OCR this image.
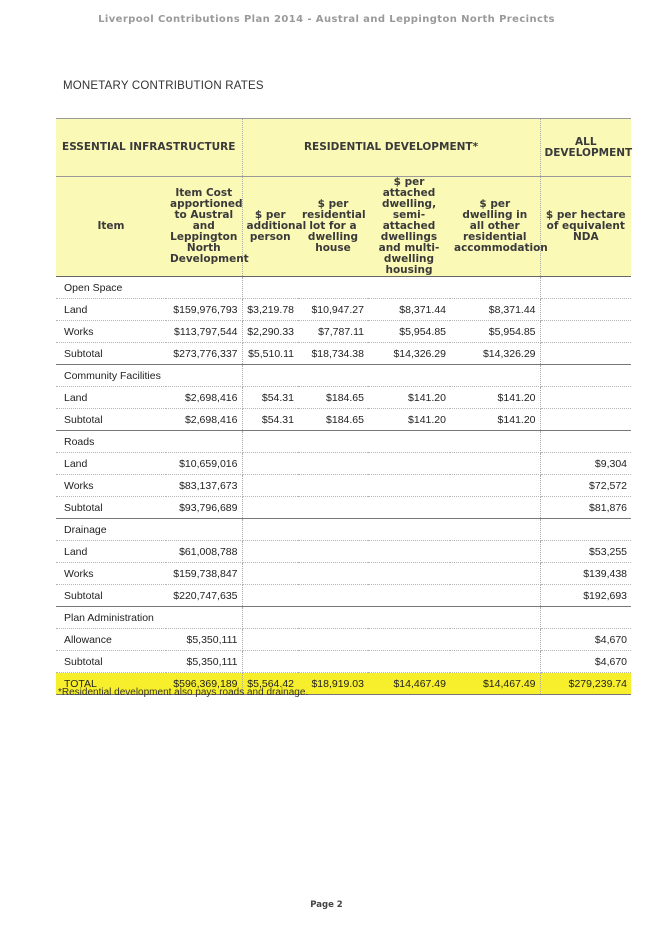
Liverpool Contributions Plan 2014 - Austral and Leppington North Precincts
MONETARY CONTRIBUTION RATES
ESSENTIAL INFRASTRUCTURE		RESIDENTIAL DEVELOPMENT*				ALL DEVELOPMENT
Item	Item Cost apportioned to Austral and Leppington North Development	$ per additional person	$ per residential lot for a dwelling house	$ per attached dwelling, semi-attached dwellings and multi-dwelling housing	$ per dwelling in all other residential accommodation	$ per hectare of equivalent NDA
Open Space						
Land	$159,976,793	$3,219.78	$10,947.27	$8,371.44	$8,371.44	
Works	$113,797,544	$2,290.33	$7,787.11	$5,954.85	$5,954.85	
Subtotal	$273,776,337	$5,510.11	$18,734.38	$14,326.29	$14,326.29	
Community Facilities						
Land	$2,698,416	$54.31	$184.65	$141.20	$141.20	
Subtotal	$2,698,416	$54.31	$184.65	$141.20	$141.20	
Roads						
Land	$10,659,016					$9,304
Works	$83,137,673					$72,572
Subtotal	$93,796,689					$81,876
Drainage						
Land	$61,008,788					$53,255
Works	$159,738,847					$139,438
Subtotal	$220,747,635					$192,693
Plan Administration						
Allowance	$5,350,111					$4,670
Subtotal	$5,350,111					$4,670
TOTAL	$596,369,189	$5,564.42	$18,919.03	$14,467.49	$14,467.49	$279,239.74
*Residential development also pays roads and drainage.
Page 2
